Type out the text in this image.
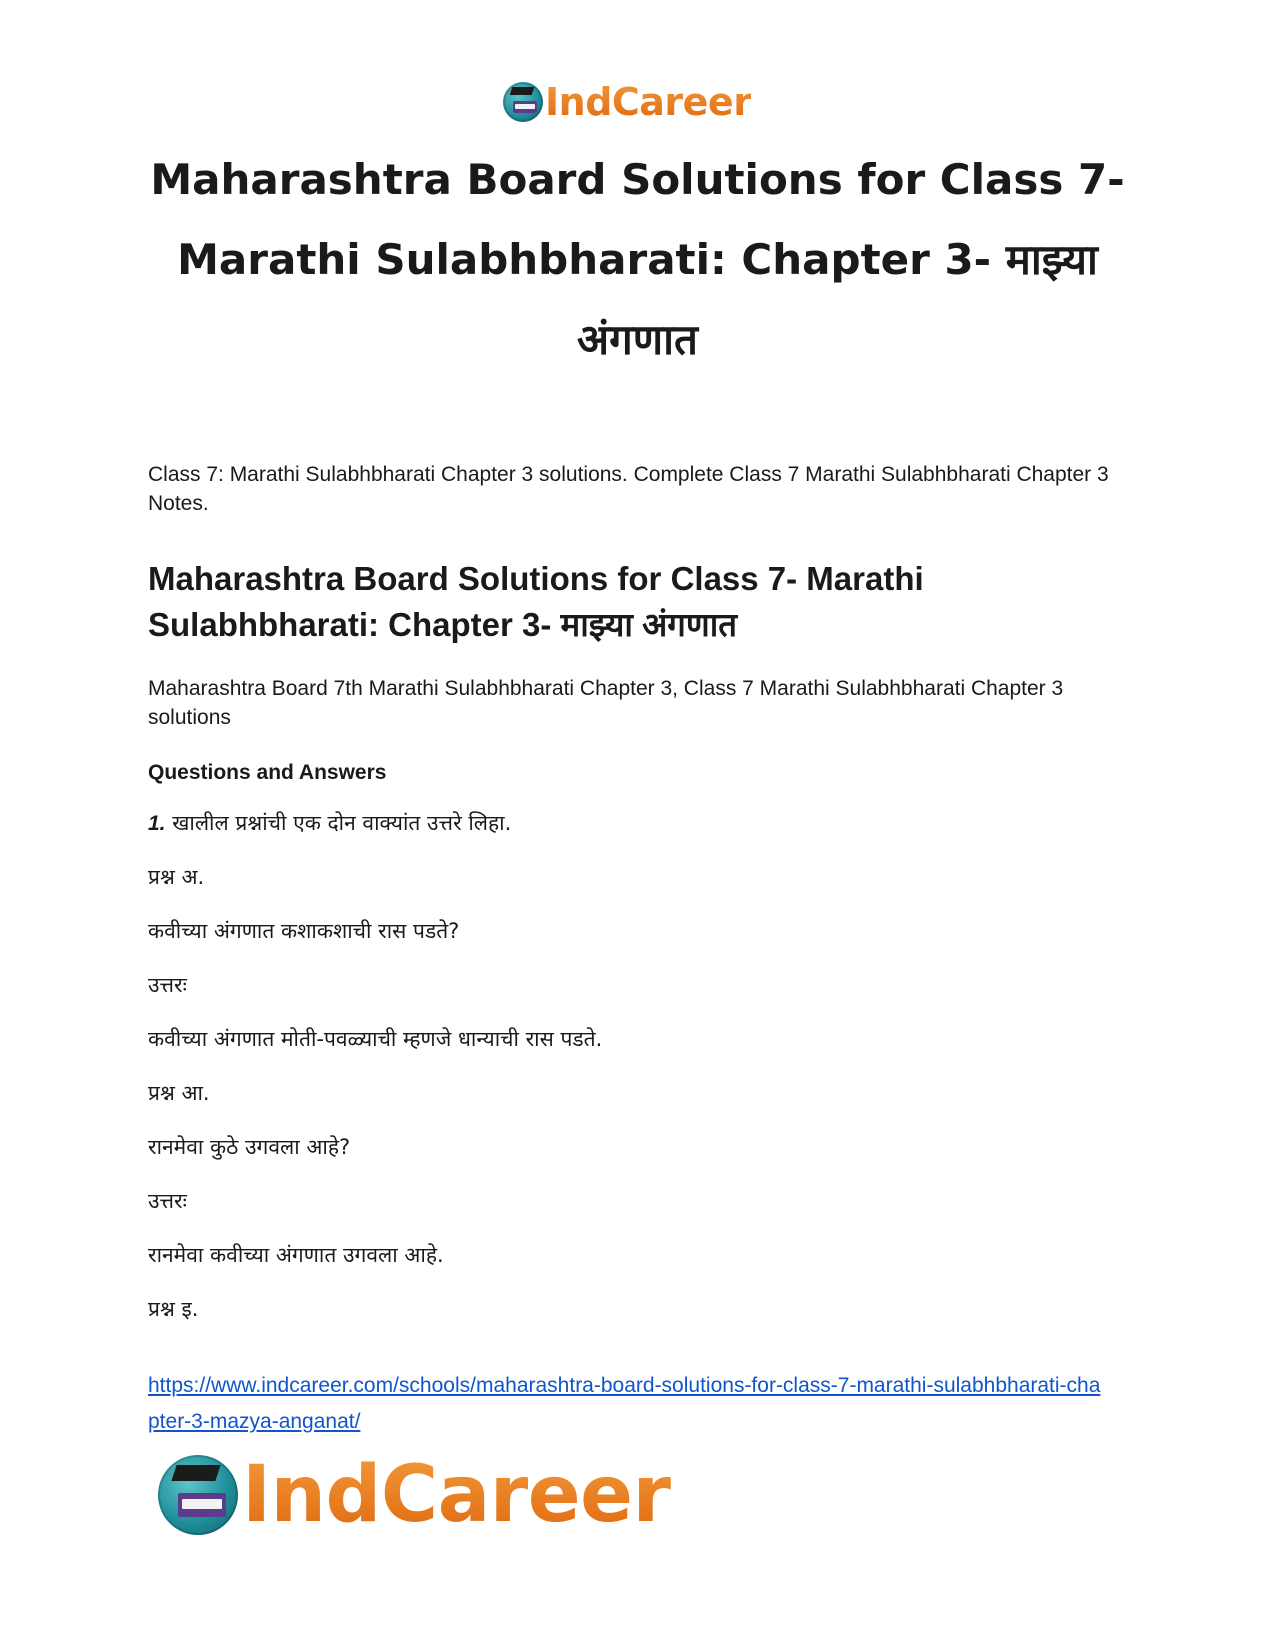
IndCareer
Maharashtra Board Solutions for Class 7-
Marathi Sulabhbharati: Chapter 3- माझ्या
अंगणात

Class 7: Marathi Sulabhbharati Chapter 3 solutions. Complete Class 7 Marathi Sulabhbharati Chapter 3 Notes.

Maharashtra Board Solutions for Class 7- Marathi Sulabhbharati: Chapter 3- माझ्या अंगणात

Maharashtra Board 7th Marathi Sulabhbharati Chapter 3, Class 7 Marathi Sulabhbharati Chapter 3 solutions

Questions and Answers

1. खालील प्रश्नांची एक दोन वाक्यांत उत्तरे लिहा.

प्रश्न अ.

कवीच्या अंगणात कशाकशाची रास पडते?

उत्तरः

कवीच्या अंगणात मोती-पवळ्याची म्हणजे धान्याची रास पडते.

प्रश्न आ.

रानमेवा कुठे उगवला आहे?

उत्तरः

रानमेवा कवीच्या अंगणात उगवला आहे.

प्रश्न इ.

https://www.indcareer.com/schools/maharashtra-board-solutions-for-class-7-marathi-sulabhbharati-chapter-3-mazya-anganat/
IndCareer
